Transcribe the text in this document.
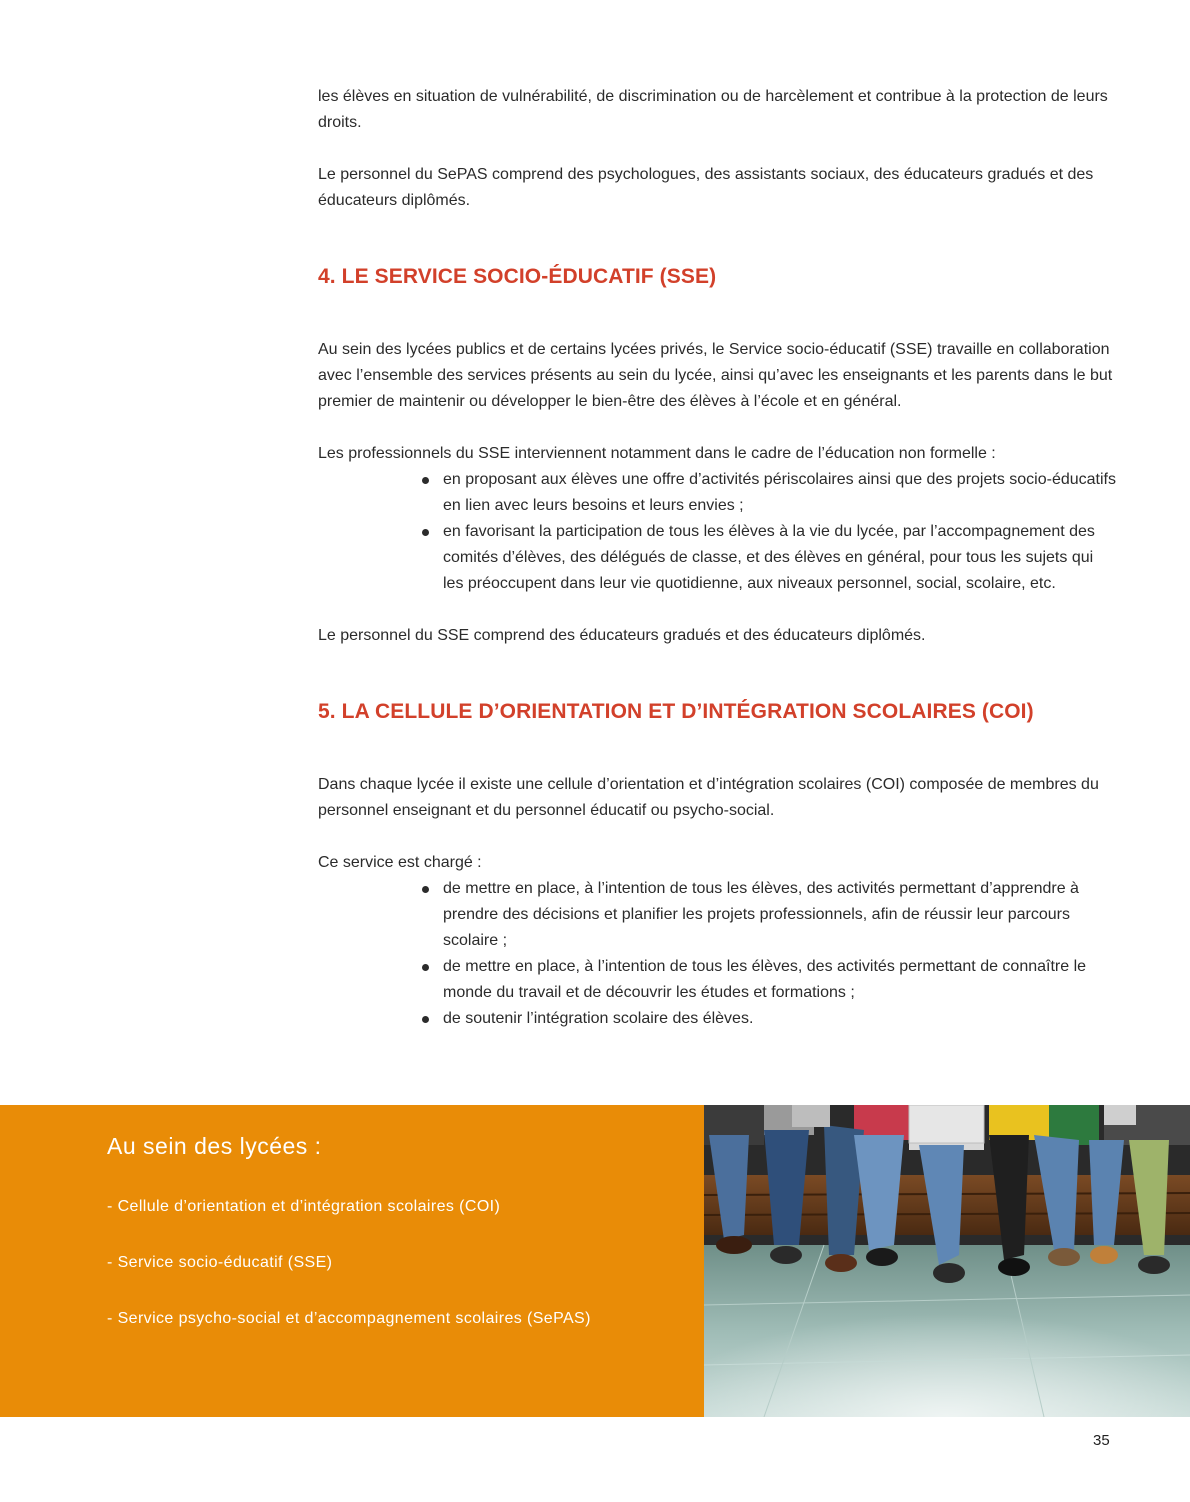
les élèves en situation de vulnérabilité, de discrimination ou de harcèlement et contribue à la protection de leurs droits.

Le personnel du SePAS comprend des psychologues, des assistants sociaux, des éducateurs gradués et des éducateurs diplômés.

4. LE SERVICE SOCIO-ÉDUCATIF (SSE)

Au sein des lycées publics et de certains lycées privés, le Service socio-éducatif (SSE) travaille en collaboration avec l’ensemble des services présents au sein du lycée, ainsi qu’avec les enseignants et les parents dans le but premier de maintenir ou développer le bien-être des élèves à l’école et en général.

Les professionnels du SSE interviennent notamment dans le cadre de l’éducation non formelle :

en proposant aux élèves une offre d’activités périscolaires ainsi que des projets socio-éducatifs en lien avec leurs besoins et leurs envies ;
en favorisant la participation de tous les élèves à la vie du lycée, par l’accompagnement des comités d’élèves, des délégués de classe, et des élèves en général, pour tous les sujets qui les préoccupent dans leur vie quotidienne, aux niveaux personnel, social, scolaire, etc.

Le personnel du SSE comprend des éducateurs gradués et des éducateurs diplômés.

5. LA CELLULE D’ORIENTATION ET D’INTÉGRATION SCOLAIRES (COI)

Dans chaque lycée il existe une cellule d’orientation et d’intégration scolaires (COI) composée de membres du personnel enseignant et du personnel éducatif ou psycho-social.

Ce service est chargé :

de mettre en place, à l’intention de tous les élèves, des activités permettant d’apprendre à prendre des décisions et planifier les projets professionnels, afin de réussir leur parcours scolaire ;
de mettre en place, à l’intention de tous les élèves, des activités permettant de connaître le monde du travail et de découvrir les études et formations ;
de soutenir l’intégration scolaire des élèves.
Au sein des lycées :
- Cellule d’orientation et d’intégration scolaires (COI)
- Service socio-éducatif (SSE)
- Service psycho-social et d’accompagnement scolaires (SePAS)
35
